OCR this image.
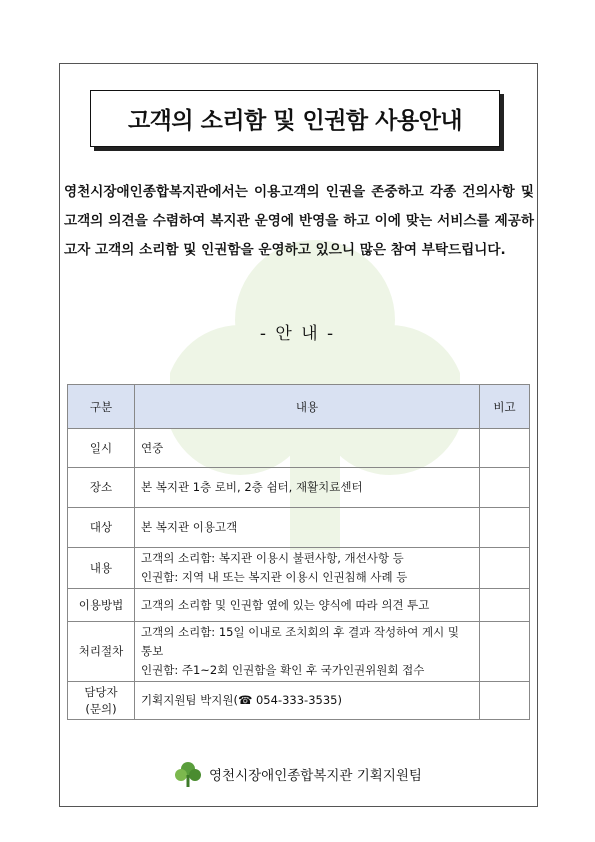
고객의 소리함 및 인권함 사용안내
영천시장애인종합복지관에서는 이용고객의 인권을 존중하고 각종 건의사항 및 고객의 의견을 수렴하여 복지관 운영에 반영을 하고 이에 맞는 서비스를 제공하고자 고객의 소리함 및 인권함을 운영하고 있으니 많은 참여 부탁드립니다.
- 안 내 -
구분	내용	비고
일시	연중	

장소	본 복지관 1층 로비, 2층 쉼터, 재활치료센터	

대상	본 복지관 이용고객	

내용	고객의 소리함: 복지관 이용시 불편사항, 개선사항 등
인권함: 지역 내 또는 복지관 이용시 인권침해 사례 등	

이용방법	고객의 소리함 및 인권함 옆에 있는 양식에 따라 의견 투고	

처리절차	고객의 소리함: 15일 이내로 조치회의 후 결과 작성하여 게시 및 통보
인권함: 주1~2회 인권함을 확인 후 국가인권위원회 접수	

담당자
(문의)	기획지원팀 박지원(☎ 054-333-3535)	

영천시장애인종합복지관 기획지원팀
